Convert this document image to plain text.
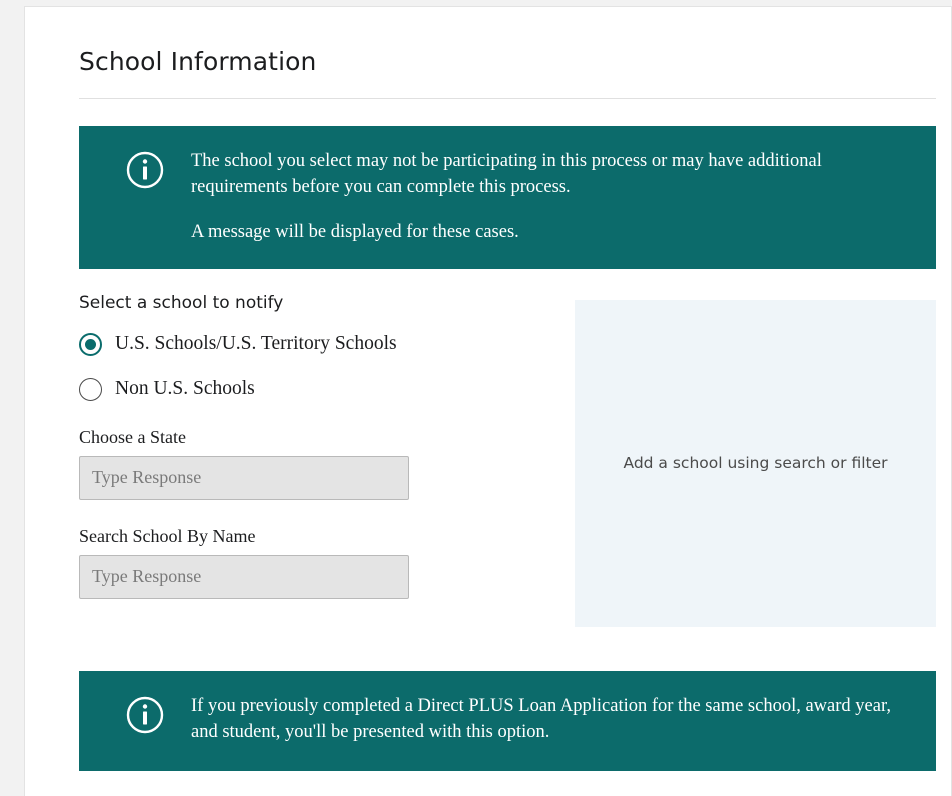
School Information

The school you select may not be participating in this process or may have additional requirements before you can complete this process.

A message will be displayed for these cases.

Select a school to notify

U.S. Schools/U.S. Territory Schools
Non U.S. Schools

Choose a State

Type Response

Search School By Name

Type Response
Add a school using search or filter

If you previously completed a Direct PLUS Loan Application for the same school, award year, and student, you'll be presented with this option.
